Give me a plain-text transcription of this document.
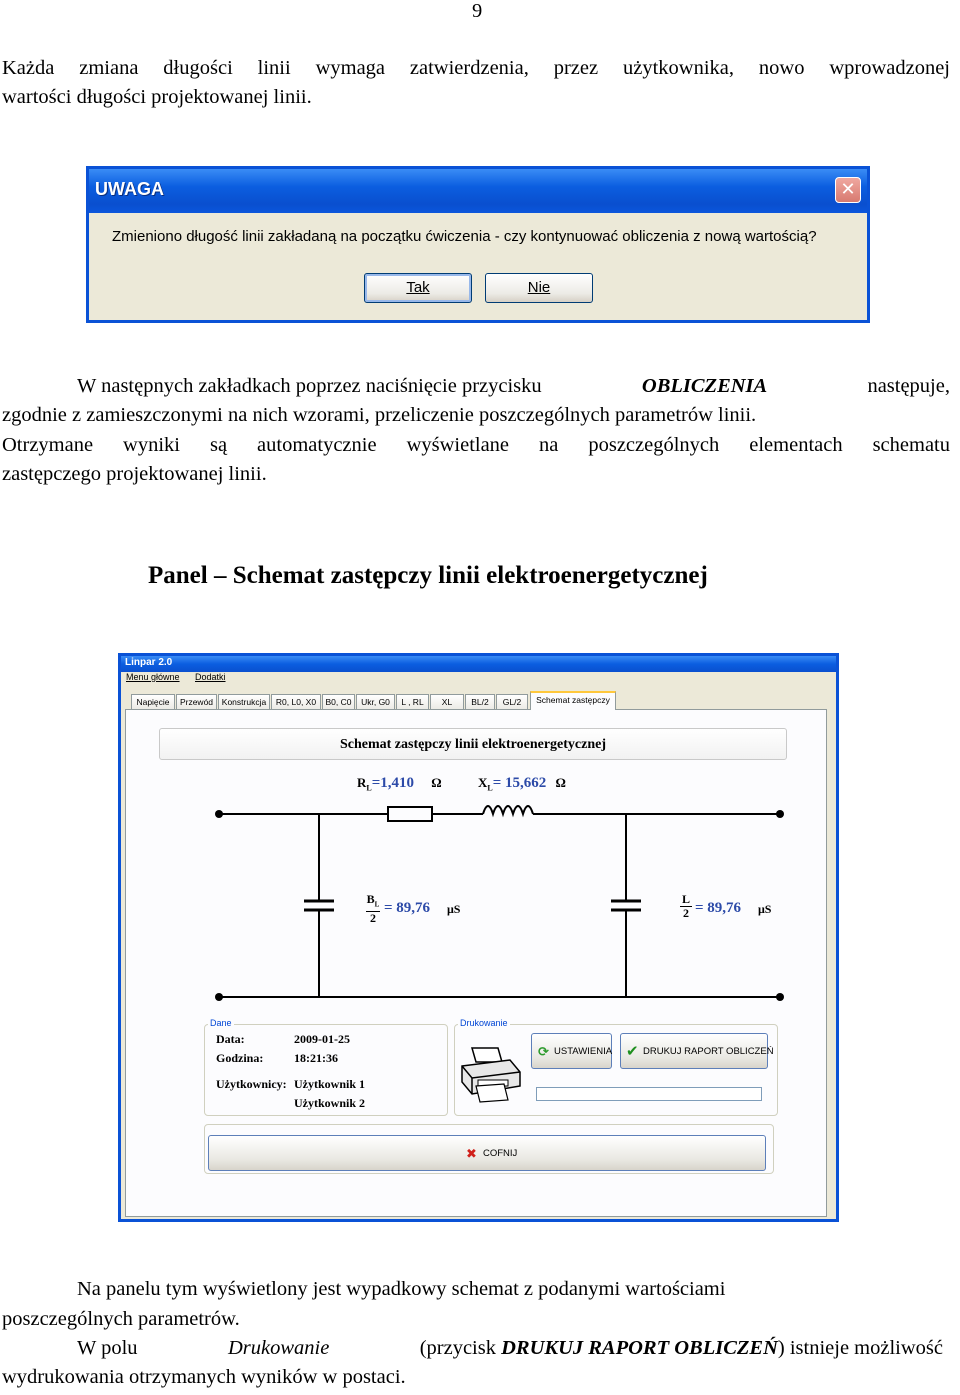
9
Każda zmiana długości linii wymaga zatwierdzenia, przez użytkownika, nowo wprowadzonej
wartości długości projektowanej linii.
UWAGA	✕
Zmieniono długość linii zakładaną na początku ćwiczenia - czy kontynuować obliczenia z nową wartością?
Tak	Nie
W następnych zakładkach poprzez naciśnięcie przycisku	OBLICZENIA	następuje,
zgodnie z zamieszczonymi na nich wzorami, przeliczenie poszczególnych parametrów linii.
Otrzymane wyniki są automatycznie wyświetlane na poszczególnych elementach schematu
zastępczego projektowanej linii.
Panel – Schemat zastępczy linii elektroenergetycznej
Linpar 2.0
Menu główne Dodatki
Napięcie	Przewód	Konstrukcja	R0, L0, X0	B0, C0	Ukr, G0	L , RL	XL	BL/2	GL/2	Schemat zastępczy
Schemat zastępczy linii elektroenergetycznej
$R_L=1,410$ Ω	$X_L= 15,662$ Ω
$B_L$
2
= 89,76 μS	$\frac{L}{2} = 89,76$ μS
Dane
Data:	2009-01-25
Godzina:	18:21:36
Użytkownicy: Użytkownik 1
Użytkownik 2
Drukowanie
⟳ USTAWIENIA ✔ DRUKUJ RAPORT OBLICZEŃ
✖ COFNIJ
Na panelu tym wyświetlony jest wypadkowy schemat z podanymi wartościami
poszczególnych parametrów.
W polu	Drukowanie	(przycisk DRUKUJ RAPORT OBLICZEŃ) istnieje możliwość
wydrukowania otrzymanych wyników w postaci.
